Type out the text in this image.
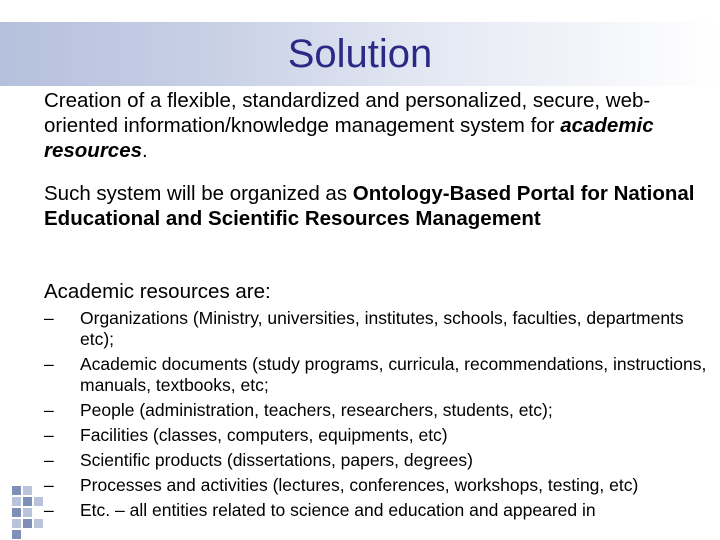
Solution
Creation of a flexible, standardized and personalized, secure, web-oriented information/knowledge management system for academic resources.
Such system will be organized as Ontology-Based Portal for National Educational and Scientific Resources Management
Academic resources are:
– Organizations (Ministry, universities, institutes, schools, faculties, departments etc);
– Academic documents (study programs, curricula, recommendations, instructions, manuals, textbooks, etc;
– People (administration, teachers, researchers, students, etc);
– Facilities (classes, computers, equipments, etc)
– Scientific products (dissertations, papers, degrees)
– Processes and activities (lectures, conferences, workshops, testing, etc)
– Etc. – all entities related to science and education and appeared in
